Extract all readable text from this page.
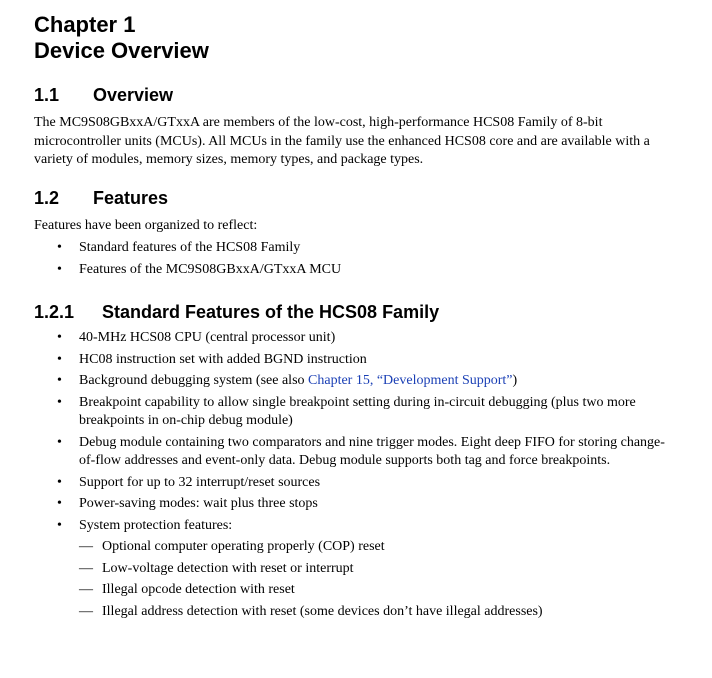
Chapter 1
Device Overview
1.1 Overview
The MC9S08GBxxA/GTxxA are members of the low-cost, high-performance HCS08 Family of 8-bit microcontroller units (MCUs). All MCUs in the family use the enhanced HCS08 core and are available with a variety of modules, memory sizes, memory types, and package types.
1.2 Features
Features have been organized to reflect:
• Standard features of the HCS08 Family
• Features of the MC9S08GBxxA/GTxxA MCU
1.2.1 Standard Features of the HCS08 Family
• 40-MHz HCS08 CPU (central processor unit)
• HC08 instruction set with added BGND instruction
• Background debugging system (see also Chapter 15, “Development Support”)
• Breakpoint capability to allow single breakpoint setting during in-circuit debugging (plus two more breakpoints in on-chip debug module)
• Debug module containing two comparators and nine trigger modes. Eight deep FIFO for storing change-of-flow addresses and event-only data. Debug module supports both tag and force breakpoints.
• Support for up to 32 interrupt/reset sources
• Power-saving modes: wait plus three stops
• System protection features:
— Optional computer operating properly (COP) reset
— Low-voltage detection with reset or interrupt
— Illegal opcode detection with reset
— Illegal address detection with reset (some devices don’t have illegal addresses)
